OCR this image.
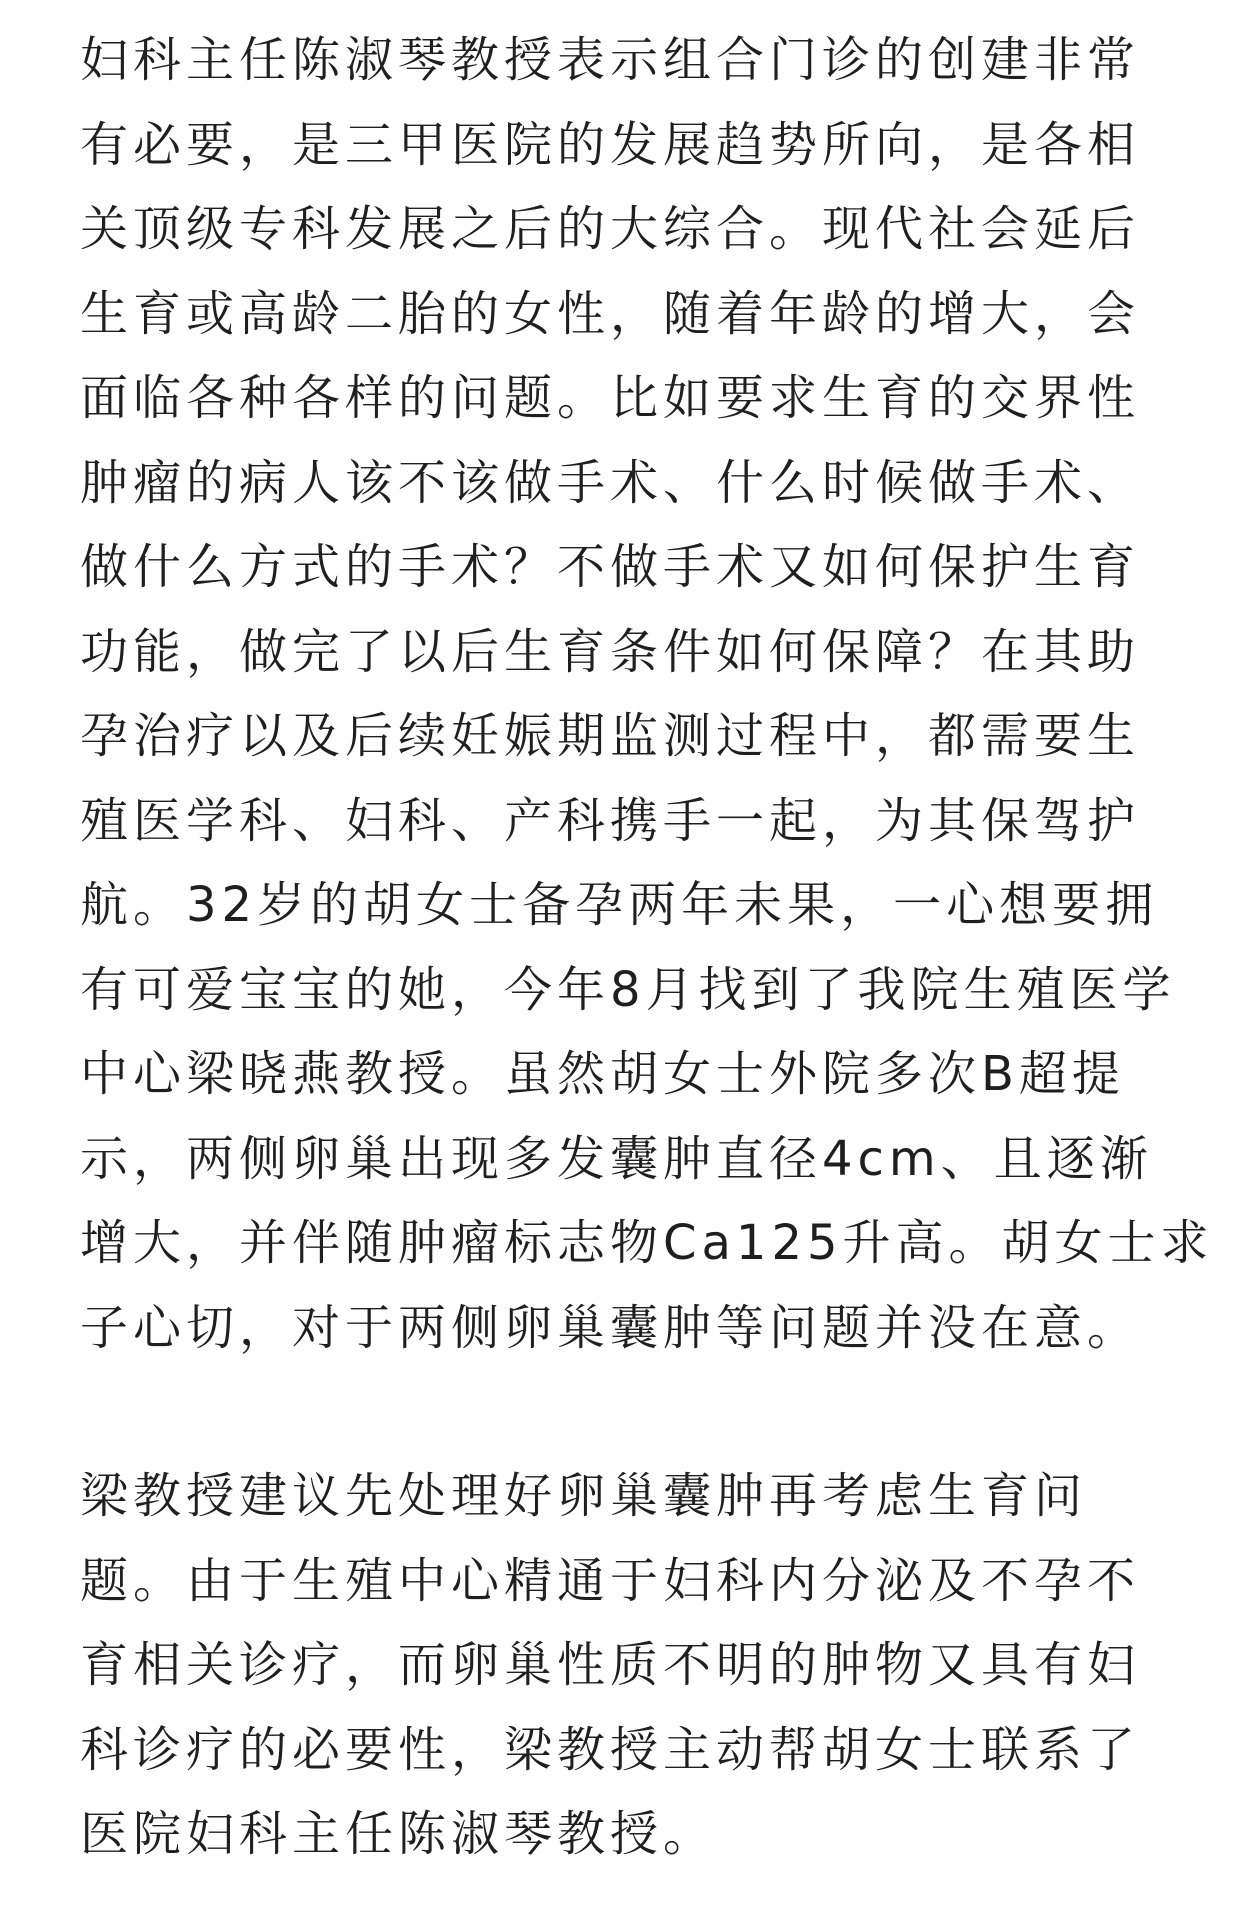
妇科主任陈淑琴教授表示组合门诊的创建非常
有必要，是三甲医院的发展趋势所向，是各相
关顶级专科发展之后的大综合。现代社会延后
生育或高龄二胎的女性，随着年龄的增大，会
面临各种各样的问题。比如要求生育的交界性
肿瘤的病人该不该做手术、什么时候做手术、
做什么方式的手术？不做手术又如何保护生育
功能，做完了以后生育条件如何保障？在其助
孕治疗以及后续妊娠期监测过程中，都需要生
殖医学科、妇科、产科携手一起，为其保驾护
航。32岁的胡女士备孕两年未果，一心想要拥
有可爱宝宝的她，今年8月找到了我院生殖医学
中心梁晓燕教授。虽然胡女士外院多次B超提
示，两侧卵巢出现多发囊肿直径4cm、且逐渐
增大，并伴随肿瘤标志物Ca125升高。胡女士求
子心切，对于两侧卵巢囊肿等问题并没在意。
梁教授建议先处理好卵巢囊肿再考虑生育问
题。由于生殖中心精通于妇科内分泌及不孕不
育相关诊疗，而卵巢性质不明的肿物又具有妇
科诊疗的必要性，梁教授主动帮胡女士联系了
医院妇科主任陈淑琴教授。
